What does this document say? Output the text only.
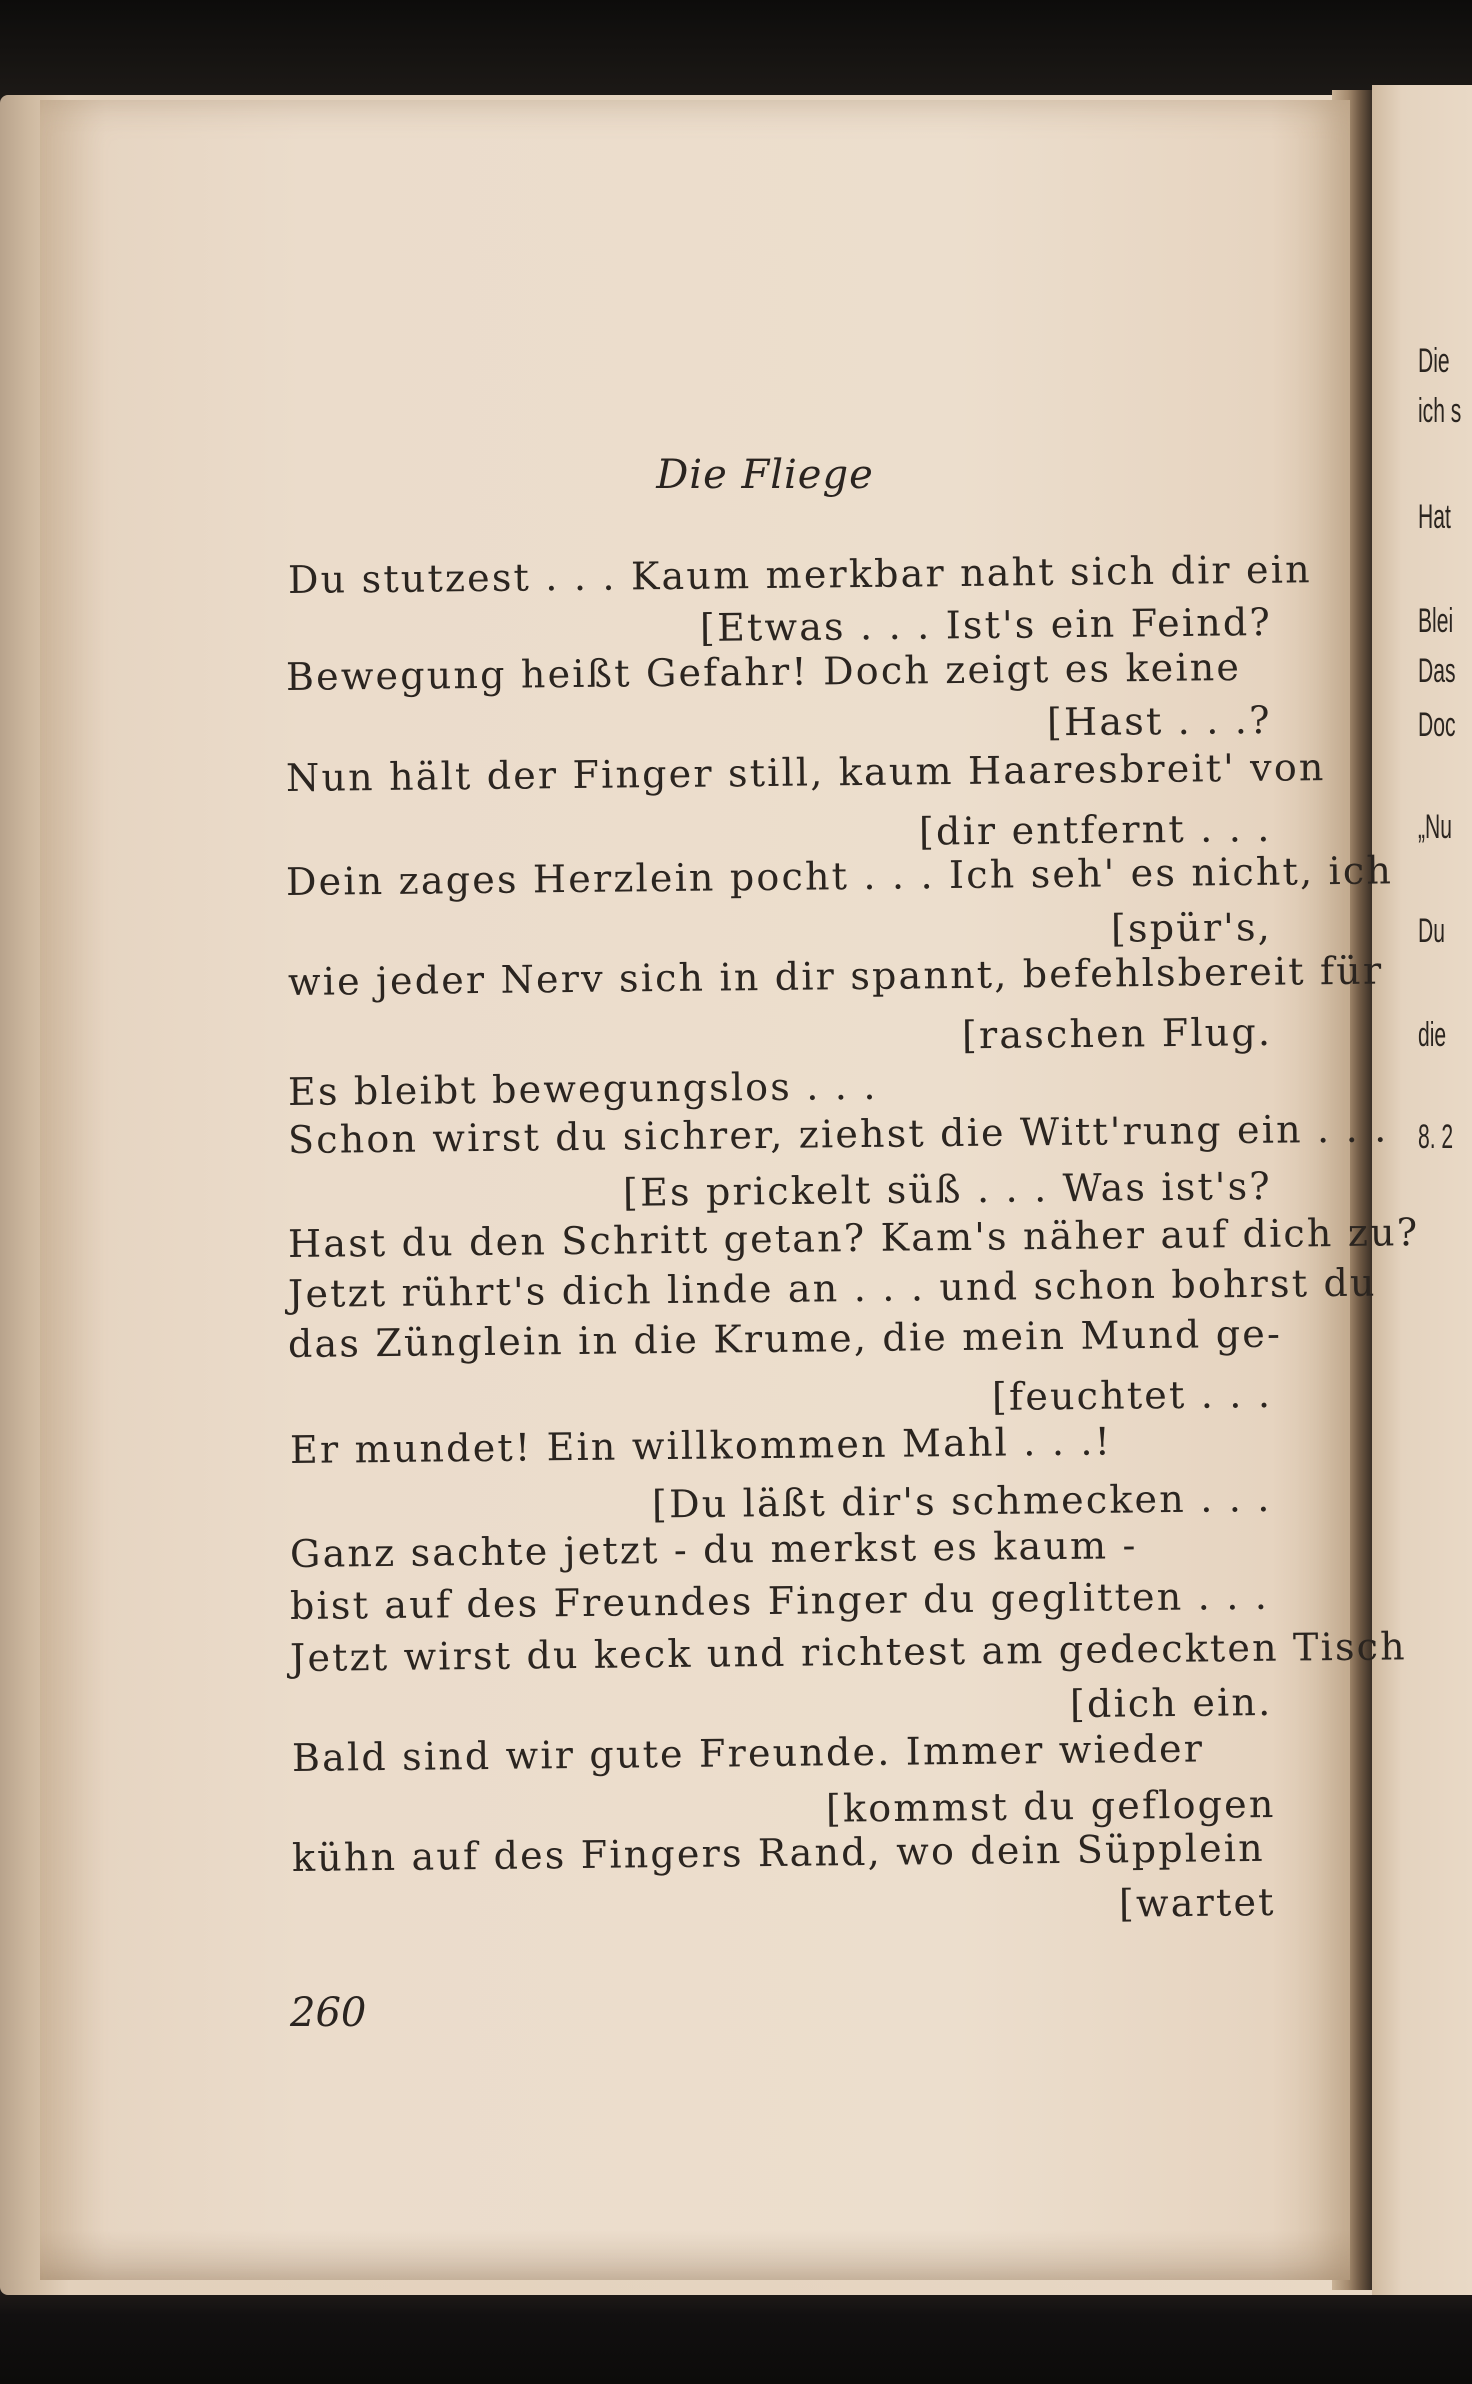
Die Fliege
Du stutzest . . . Kaum merkbar naht sich dir ein
[Etwas . . . Ist's ein Feind?
Bewegung heißt Gefahr! Doch zeigt es keine
[Hast . . .?
Nun hält der Finger still, kaum Haaresbreit' von
[dir entfernt . . .
Dein zages Herzlein pocht . . . Ich seh' es nicht, ich
[spür's,
wie jeder Nerv sich in dir spannt, befehlsbereit für
[raschen Flug.
Es bleibt bewegungslos . . .
Schon wirst du sichrer, ziehst die Witt'rung ein . . .
[Es prickelt süß . . . Was ist's?
Hast du den Schritt getan? Kam's näher auf dich zu?
Jetzt rührt's dich linde an . . . und schon bohrst du
das Zünglein in die Krume, die mein Mund ge-
[feuchtet . . .
Er mundet! Ein willkommen Mahl . . .!
[Du läßt dir's schmecken . . .
Ganz sachte jetzt - du merkst es kaum -
bist auf des Freundes Finger du geglitten . . .
Jetzt wirst du keck und richtest am gedeckten Tisch
[dich ein.
Bald sind wir gute Freunde. Immer wieder
[kommst du geflogen
kühn auf des Fingers Rand, wo dein Süpplein
[wartet
260
Die
ich s
Hat
Blei
Das
Doc
„Nu
Du
die
8. 2
